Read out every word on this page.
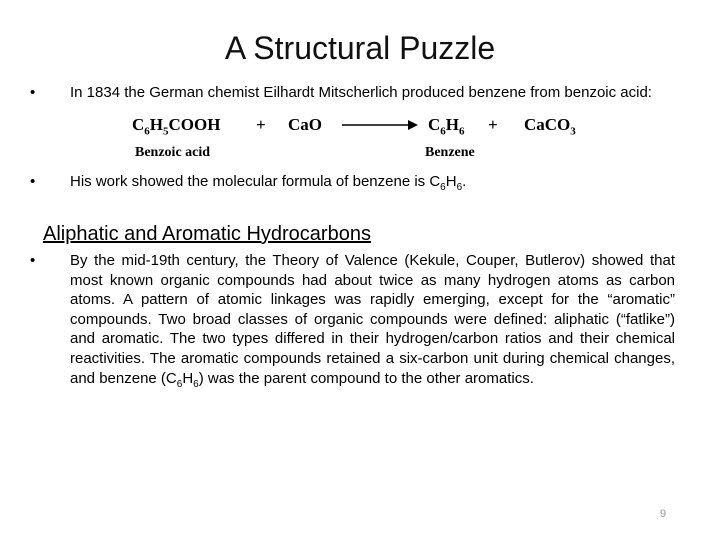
A Structural Puzzle
• In 1834 the German chemist Eilhardt Mitscherlich produced benzene from benzoic acid:
$C_6H_5COOH$ + CaO	$C_6H_6$ + CaCO$_3$
Benzoic acid	Benzene
• His work showed the molecular formula of benzene is $C_6H_6$.
Aliphatic and Aromatic Hydrocarbons
• By the mid-19th century, the Theory of Valence (Kekule, Couper, Butlerov) showed that most known organic compounds had about twice as many hydrogen atoms as carbon atoms. A pattern of atomic linkages was rapidly emerging, except for the “aromatic” compounds. Two broad classes of organic compounds were defined: aliphatic (“fatlike”) and aromatic. The two types differed in their hydrogen/carbon ratios and their chemical reactivities. The aromatic compounds retained a six-carbon unit during chemical changes, and benzene $(C_6H_6)$ was the parent compound to the other aromatics.
9
